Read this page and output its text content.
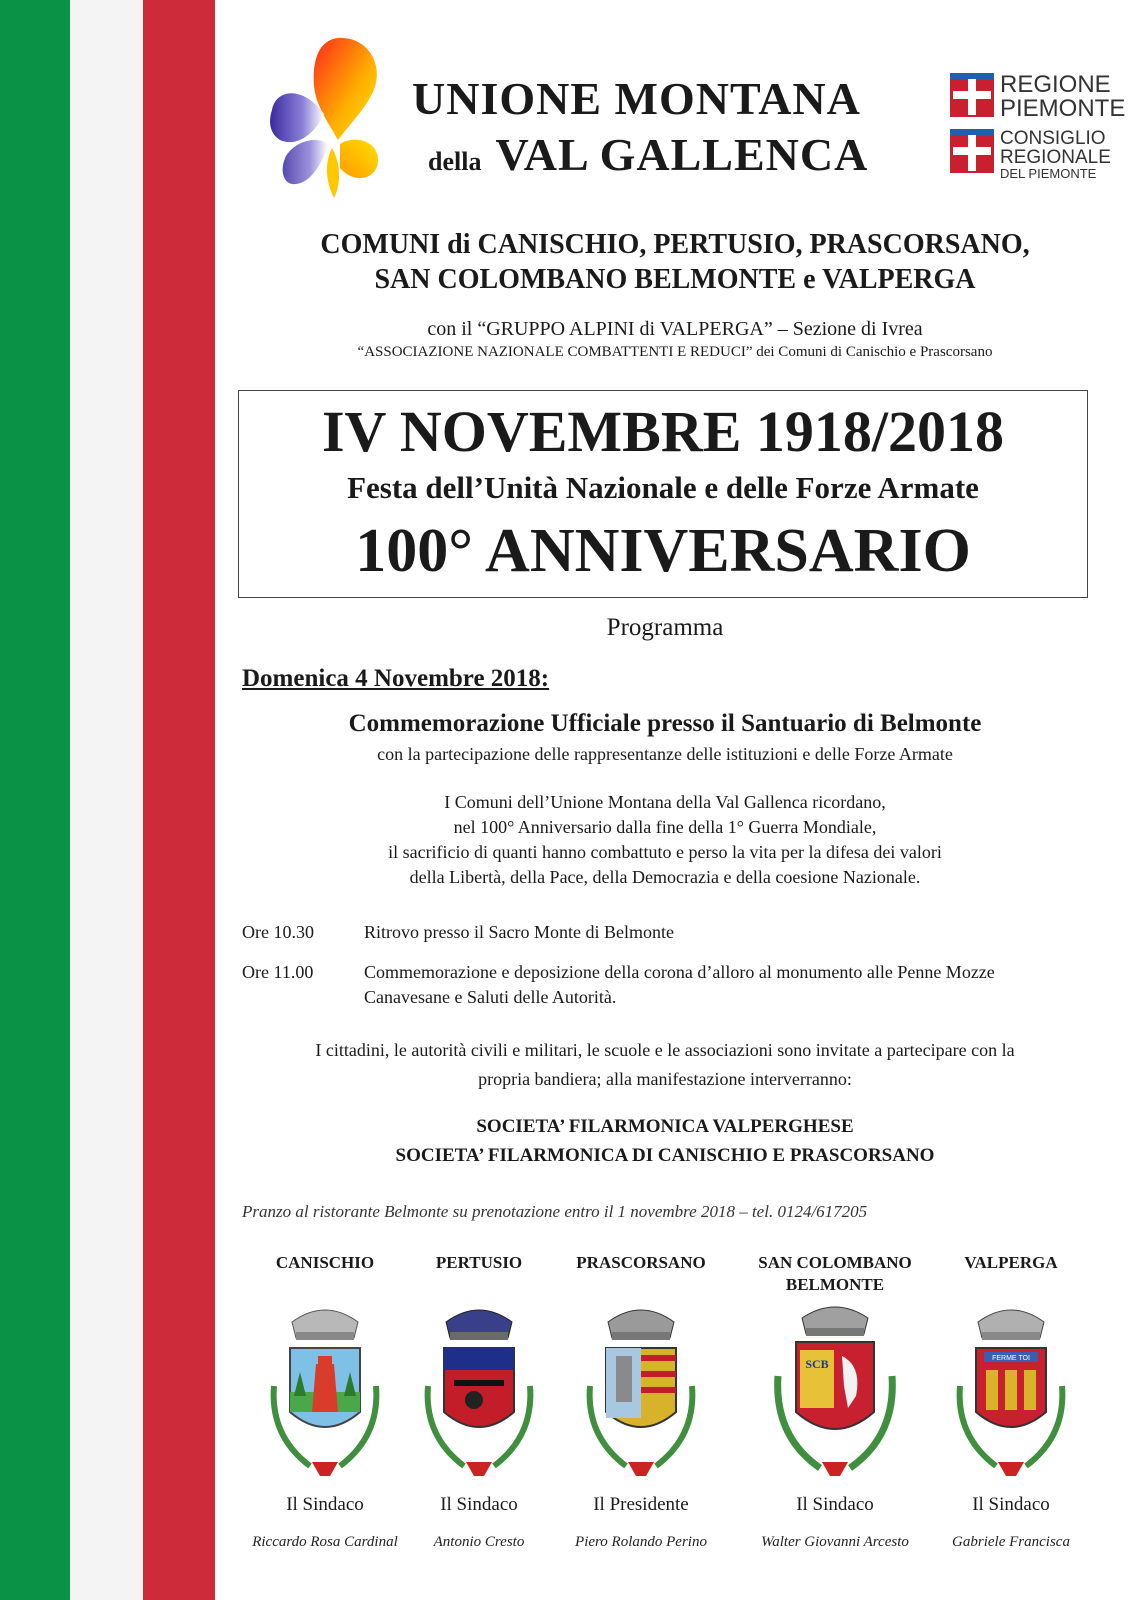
UNIONE MONTANA
della VAL GALLENCA
REGIONE
PIEMONTE
CONSIGLIO
REGIONALE
DEL PIEMONTE
COMUNI di CANISCHIO, PERTUSIO, PRASCORSANO,
SAN COLOMBANO BELMONTE e VALPERGA
con il “GRUPPO ALPINI di VALPERGA” – Sezione di Ivrea
“ASSOCIAZIONE NAZIONALE COMBATTENTI E REDUCI” dei Comuni di Canischio e Prascorsano
IV NOVEMBRE 1918/2018
Festa dell’Unità Nazionale e delle Forze Armate
100° ANNIVERSARIO
Programma
Domenica 4 Novembre 2018:
Commemorazione Ufficiale presso il Santuario di Belmonte
con la partecipazione delle rappresentanze delle istituzioni e delle Forze Armate
I Comuni dell’Unione Montana della Val Gallenca ricordano,
nel 100° Anniversario dalla fine della 1° Guerra Mondiale,
il sacrificio di quanti hanno combattuto e perso la vita per la difesa dei valori
della Libertà, della Pace, della Democrazia e della coesione Nazionale.
Ore 10.30	Ritrovo presso il Sacro Monte di Belmonte
Ore 11.00	Commemorazione e deposizione della corona d’alloro al monumento alle Penne Mozze Canavesane e Saluti delle Autorità.
I cittadini, le autorità civili e militari, le scuole e le associazioni sono invitate a partecipare con la
propria bandiera; alla manifestazione interverranno:
SOCIETA’ FILARMONICA VALPERGHESE
SOCIETA’ FILARMONICA DI CANISCHIO E PRASCORSANO
Pranzo al ristorante Belmonte su prenotazione entro il 1 novembre 2018 – tel. 0124/617205
CANISCHIO
Il Sindaco
Riccardo Rosa Cardinal
PERTUSIO
Il Sindaco
Antonio Cresto
PRASCORSANO
Il Presidente
Piero Rolando Perino
SAN COLOMBANO
BELMONTE
SCB
Il Sindaco
Walter Giovanni Arcesto
VALPERGA
FERME TOI
Il Sindaco
Gabriele Francisca
